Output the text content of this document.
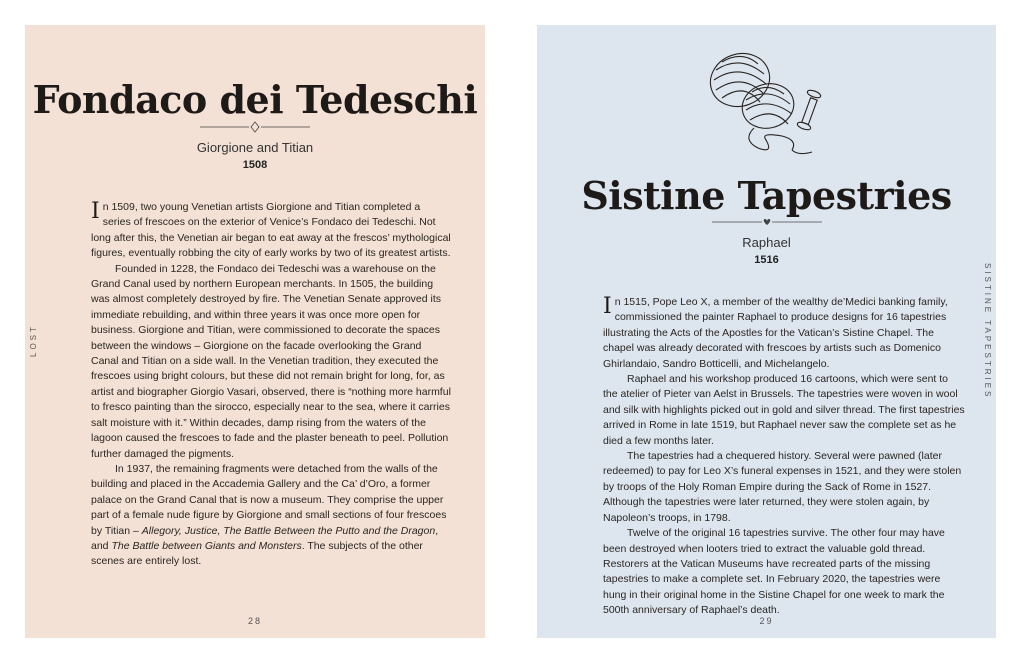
LOST
Fondaco dei Tedeschi
Giorgione and Titian
1508

In 1509, two young Venetian artists Giorgione and Titian completed a series of frescoes on the exterior of Venice’s Fondaco dei Tedeschi. Not long after this, the Venetian air began to eat away at the frescos’ mythological figures, eventually robbing the city of early works by two of its greatest artists.

Founded in 1228, the Fondaco dei Tedeschi was a warehouse on the Grand Canal used by northern European merchants. In 1505, the building was almost completely destroyed by fire. The Venetian Senate approved its immediate rebuilding, and within three years it was once more open for business. Giorgione and Titian, were commissioned to decorate the spaces between the windows – Giorgione on the facade overlooking the Grand Canal and Titian on a side wall. In the Venetian tradition, they executed the frescoes using bright colours, but these did not remain bright for long, for, as artist and biographer Giorgio Vasari, observed, there is “nothing more harmful to fresco painting than the sirocco, especially near to the sea, where it carries salt moisture with it.” Within decades, damp rising from the waters of the lagoon caused the frescoes to fade and the plaster beneath to peel. Pollution further damaged the pigments.

In 1937, the remaining fragments were detached from the walls of the building and placed in the Accademia Gallery and the Ca’ d’Oro, a former palace on the Grand Canal that is now a museum. They comprise the upper part of a female nude figure by Giorgione and small sections of four frescoes by Titian – Allegory, Justice, The Battle Between the Putto and the Dragon, and The Battle between Giants and Monsters. The subjects of the other scenes are entirely lost.

28
SISTINE TAPESTRIES
Sistine Tapestries
Raphael
1516

In 1515, Pope Leo X, a member of the wealthy de’Medici banking family, commissioned the painter Raphael to produce designs for 16 tapestries illustrating the Acts of the Apostles for the Vatican’s Sistine Chapel. The chapel was already decorated with frescoes by artists such as Domenico Ghirlandaio, Sandro Botticelli, and Michelangelo.

Raphael and his workshop produced 16 cartoons, which were sent to the atelier of Pieter van Aelst in Brussels. The tapestries were woven in wool and silk with highlights picked out in gold and silver thread. The first tapestries arrived in Rome in late 1519, but Raphael never saw the complete set as he died a few months later.

The tapestries had a chequered history. Several were pawned (later redeemed) to pay for Leo X’s funeral expenses in 1521, and they were stolen by troops of the Holy Roman Empire during the Sack of Rome in 1527. Although the tapestries were later returned, they were stolen again, by Napoleon’s troops, in 1798.

Twelve of the original 16 tapestries survive. The other four may have been destroyed when looters tried to extract the valuable gold thread. Restorers at the Vatican Museums have recreated parts of the missing tapestries to make a complete set. In February 2020, the tapestries were hung in their original home in the Sistine Chapel for one week to mark the 500th anniversary of Raphael’s death.

29
